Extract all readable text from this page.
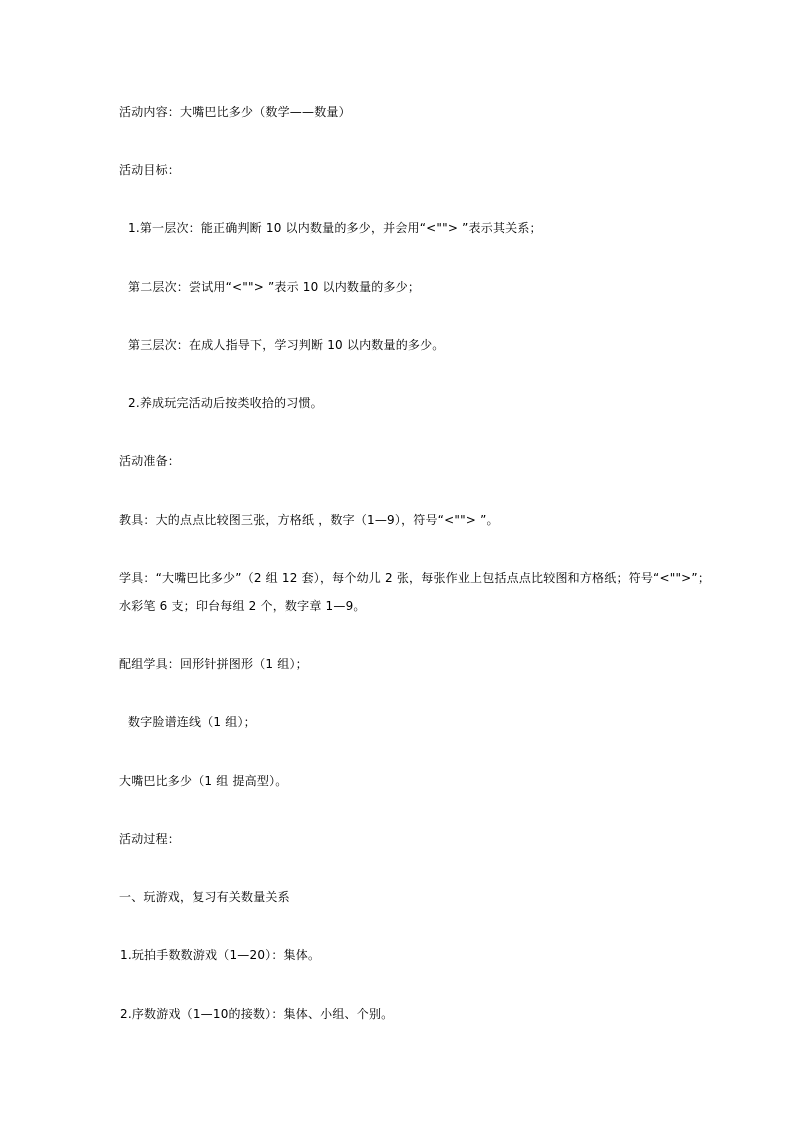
活动内容：大嘴巴比多少（数学——数量）
活动目标：
1.第一层次：能正确判断 10 以内数量的多少，并会用“<""> ”表示其关系；
第二层次：尝试用“<""> ”表示 10 以内数量的多少；
第三层次：在成人指导下，学习判断 10 以内数量的多少。
2.养成玩完活动后按类收拾的习惯。
活动准备：
教具：大的点点比较图三张，方格纸 ，数字（1—9），符号“<""> ”。
学具：“大嘴巴比多少”（2 组 12 套），每个幼儿 2 张，每张作业上包括点点比较图和方格纸；符号“<"">”；
水彩笔 6 支；印台每组 2 个，数字章 1—9。
配组学具：回形针拼图形（1 组）；
数字脸谱连线（1 组）；
大嘴巴比多少（1 组 提高型）。
活动过程：
一、玩游戏，复习有关数量关系
1.玩拍手数数游戏（1—20）：集体。
2.序数游戏（1—10的接数）：集体、小组、个别。
